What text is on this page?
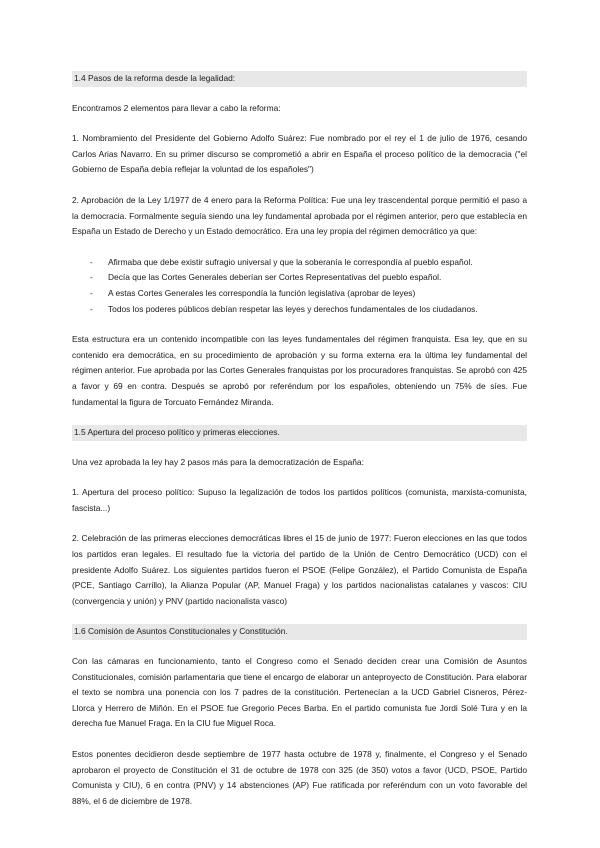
1.4 Pasos de la reforma desde la legalidad:

Encontramos 2 elementos para llevar a cabo la reforma:

1. Nombramiento del Presidente del Gobierno Adolfo Suárez: Fue nombrado por el rey el 1 de julio de 1976, cesando Carlos Arias Navarro. En su primer discurso se comprometió a abrir en España el proceso político de la democracia ("el Gobierno de España debía reflejar la voluntad de los españoles")

2. Aprobación de la Ley 1/1977 de 4 enero para la Reforma Política: Fue una ley trascendental porque permitió el paso a la democracia. Formalmente seguía siendo una ley fundamental aprobada por el régimen anterior, pero que establecía en España un Estado de Derecho y un Estado democrático. Era una ley propia del régimen democrático ya que:

- Afirmaba que debe existir sufragio universal y que la soberanía le correspondía al pueblo español.
- Decía que las Cortes Generales deberían ser Cortes Representativas del pueblo español.
- A estas Cortes Generales les correspondía la función legislativa (aprobar de leyes)
- Todos los poderes públicos debían respetar las leyes y derechos fundamentales de los ciudadanos.

Esta estructura era un contenido incompatible con las leyes fundamentales del régimen franquista. Esa ley, que en su contenido era democrática, en su procedimiento de aprobación y su forma externa era la última ley fundamental del régimen anterior. Fue aprobada por las Cortes Generales franquistas por los procuradores franquistas. Se aprobó con 425 a favor y 69 en contra. Después se aprobó por referéndum por los españoles, obteniendo un 75% de síes. Fue fundamental la figura de Torcuato Fernández Miranda.

1.5 Apertura del proceso político y primeras elecciones.

Una vez aprobada la ley hay 2 pasos más para la democratización de España:

1. Apertura del proceso político: Supuso la legalización de todos los partidos políticos (comunista, marxista-comunista, fascista...)

2. Celebración de las primeras elecciones democráticas libres el 15 de junio de 1977: Fueron elecciones en las que todos los partidos eran legales. El resultado fue la victoria del partido de la Unión de Centro Democrático (UCD) con el presidente Adolfo Suárez. Los siguientes partidos fueron el PSOE (Felipe González), el Partido Comunista de España (PCE, Santiago Carrillo), la Alianza Popular (AP, Manuel Fraga) y los partidos nacionalistas catalanes y vascos: CIU (convergencia y unión) y PNV (partido nacionalista vasco)

1.6 Comisión de Asuntos Constitucionales y Constitución.

Con las cámaras en funcionamiento, tanto el Congreso como el Senado deciden crear una Comisión de Asuntos Constitucionales, comisión parlamentaria que tiene el encargo de elaborar un anteproyecto de Constitución. Para elaborar el texto se nombra una ponencia con los 7 padres de la constitución. Pertenecían a la UCD Gabriel Cisneros, Pérez-Llorca y Herrero de Miñón. En el PSOE fue Gregorio Peces Barba. En el partido comunista fue Jordi Solé Tura y en la derecha fue Manuel Fraga. En la CIU fue Miguel Roca.

Estos ponentes decidieron desde septiembre de 1977 hasta octubre de 1978 y, finalmente, el Congreso y el Senado aprobaron el proyecto de Constitución el 31 de octubre de 1978 con 325 (de 350) votos a favor (UCD, PSOE, Partido Comunista y CIU), 6 en contra (PNV) y 14 abstenciones (AP) Fue ratificada por referéndum con un voto favorable del 88%, el 6 de diciembre de 1978.
